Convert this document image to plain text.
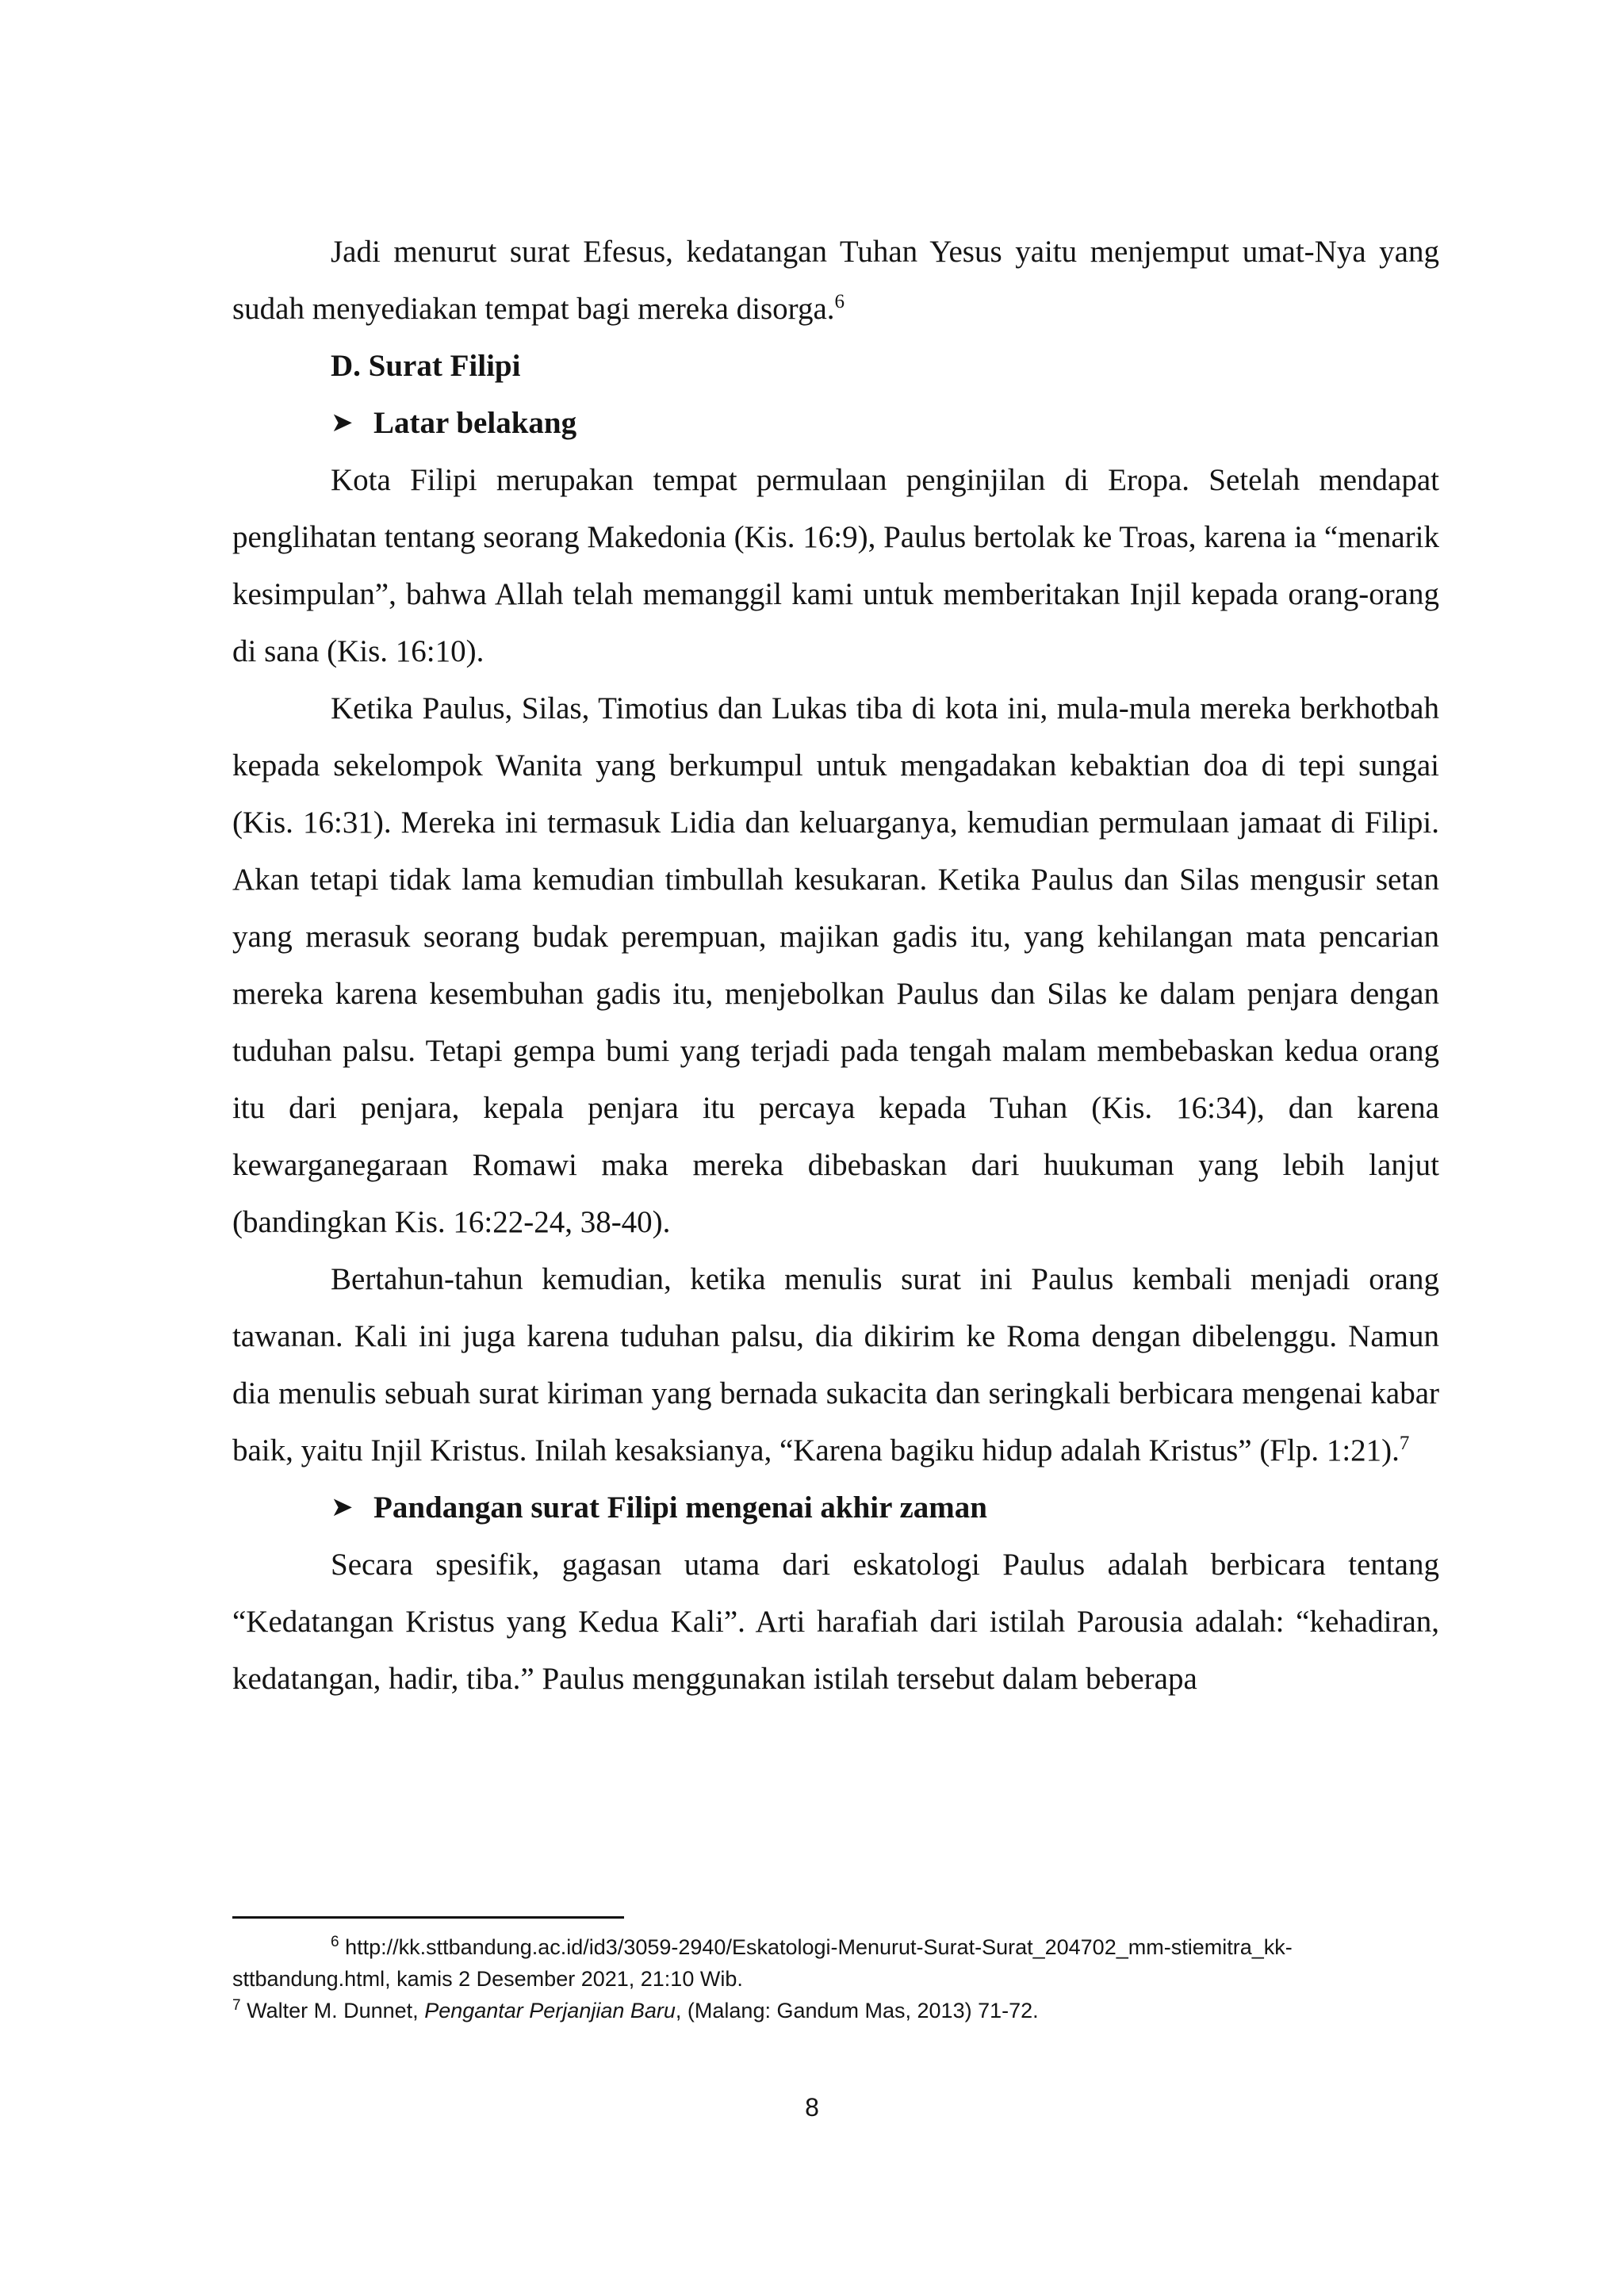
Jadi menurut surat Efesus, kedatangan Tuhan Yesus yaitu menjemput umat-Nya yang sudah menyediakan tempat bagi mereka disorga.$^6$

D. Surat Filipi

➤ Latar belakang

Kota Filipi merupakan tempat permulaan penginjilan di Eropa. Setelah mendapat penglihatan tentang seorang Makedonia (Kis. 16:9), Paulus bertolak ke Troas, karena ia “menarik kesimpulan”, bahwa Allah telah memanggil kami untuk memberitakan Injil kepada orang-orang di sana (Kis. 16:10).

Ketika Paulus, Silas, Timotius dan Lukas tiba di kota ini, mula-mula mereka berkhotbah kepada sekelompok Wanita yang berkumpul untuk mengadakan kebaktian doa di tepi sungai (Kis. 16:31). Mereka ini termasuk Lidia dan keluarganya, kemudian permulaan jamaat di Filipi. Akan tetapi tidak lama kemudian timbullah kesukaran. Ketika Paulus dan Silas mengusir setan yang merasuk seorang budak perempuan, majikan gadis itu, yang kehilangan mata pencarian mereka karena kesembuhan gadis itu, menjebolkan Paulus dan Silas ke dalam penjara dengan tuduhan palsu. Tetapi gempa bumi yang terjadi pada tengah malam membebaskan kedua orang itu dari penjara, kepala penjara itu percaya kepada Tuhan (Kis. 16:34), dan karena kewarganegaraan Romawi maka mereka dibebaskan dari huukuman yang lebih lanjut (bandingkan Kis. 16:22-24, 38-40).

Bertahun-tahun kemudian, ketika menulis surat ini Paulus kembali menjadi orang tawanan. Kali ini juga karena tuduhan palsu, dia dikirim ke Roma dengan dibelenggu. Namun dia menulis sebuah surat kiriman yang bernada sukacita dan seringkali berbicara mengenai kabar baik, yaitu Injil Kristus. Inilah kesaksianya, “Karena bagiku hidup adalah Kristus” (Flp. 1:21).$^7$

➤ Pandangan surat Filipi mengenai akhir zaman

Secara spesifik, gagasan utama dari eskatologi Paulus adalah berbicara tentang “Kedatangan Kristus yang Kedua Kali”. Arti harafiah dari istilah Parousia adalah: “kehadiran, kedatangan, hadir, tiba.” Paulus menggunakan istilah tersebut dalam beberapa

$^6$ http://kk.sttbandung.ac.id/id3/3059-2940/Eskatologi-Menurut-Surat-Surat_204702_mm-stiemitra_kk-sttbandung.html, kamis 2 Desember 2021, 21:10 Wib.

$^7$ Walter M. Dunnet, Pengantar Perjanjian Baru, (Malang: Gandum Mas, 2013) 71-72.

8
